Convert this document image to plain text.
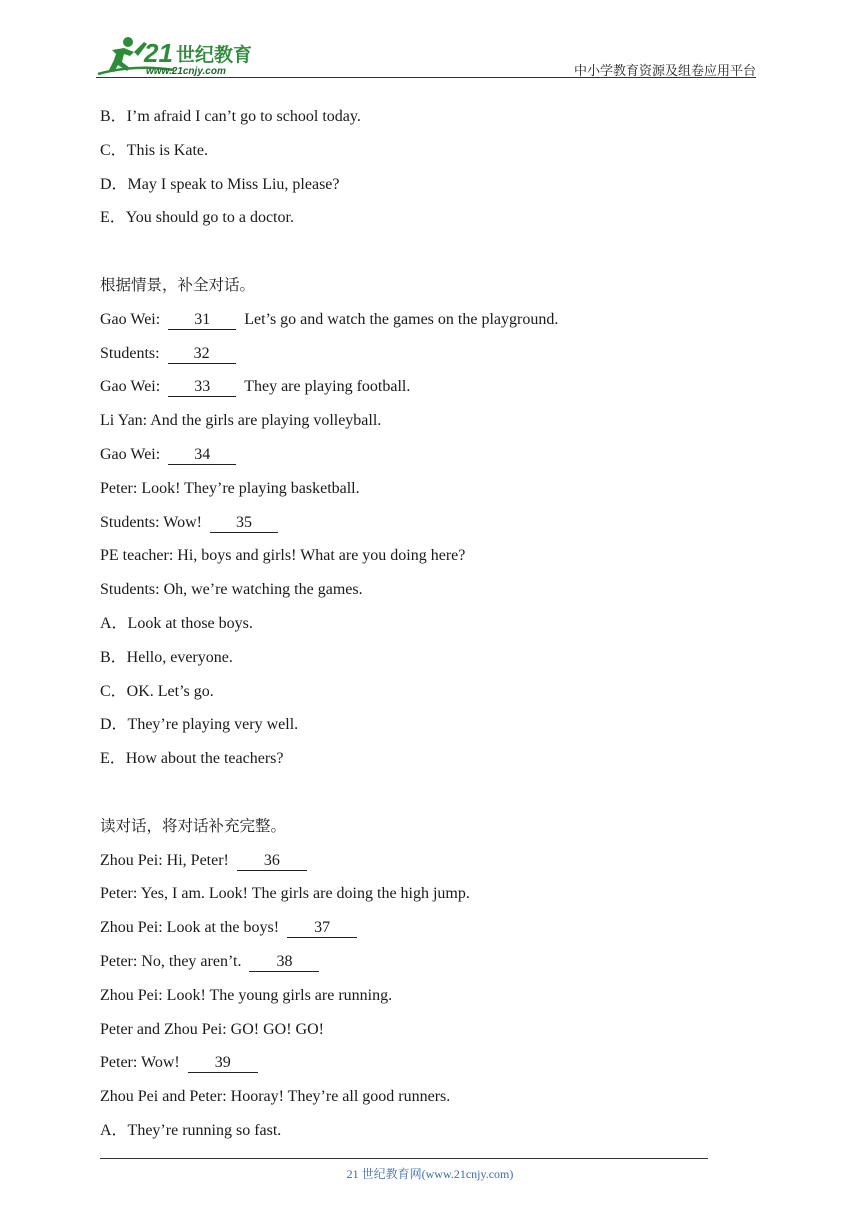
21 世纪教育
www.21cnjy.com	中小学教育资源及组卷应用平台
B．I’m afraid I can’t go to school today.
C．This is Kate.
D．May I speak to Miss Liu, please?
E．You should go to a doctor.
根据情景，补全对话。
Gao Wei: 31 Let’s go and watch the games on the playground.
Students: 32
Gao Wei: 33 They are playing football.
Li Yan: And the girls are playing volleyball.
Gao Wei: 34
Peter: Look! They’re playing basketball.
Students: Wow! 35
PE teacher: Hi, boys and girls! What are you doing here?
Students: Oh, we’re watching the games.
A．Look at those boys.
B．Hello, everyone.
C．OK. Let’s go.
D．They’re playing very well.
E．How about the teachers?
读对话，将对话补充完整。
Zhou Pei: Hi, Peter! 36
Peter: Yes, I am. Look! The girls are doing the high jump.
Zhou Pei: Look at the boys! 37
Peter: No, they aren’t. 38
Zhou Pei: Look! The young girls are running.
Peter and Zhou Pei: GO! GO! GO!
Peter: Wow! 39
Zhou Pei and Peter: Hooray! They’re all good runners.
A．They’re running so fast.
21 世纪教育网(www.21cnjy.com)
